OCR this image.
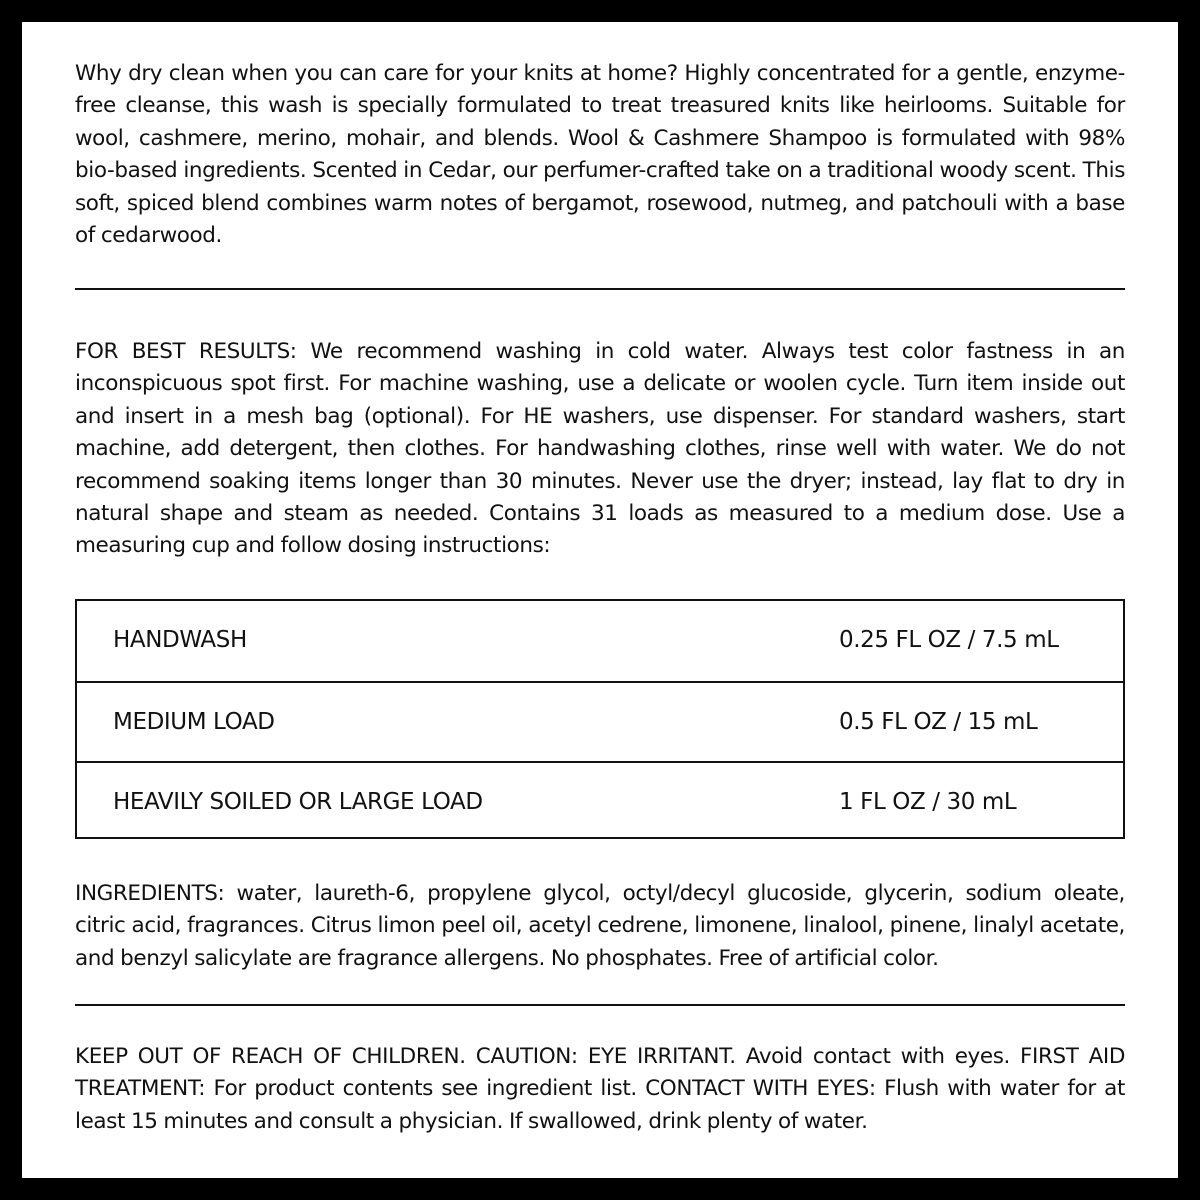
Why dry clean when you can care for your knits at home? Highly concentrated for a gentle, enzyme-free cleanse, this wash is specially formulated to treat treasured knits like heirlooms. Suitable for wool, cashmere, merino, mohair, and blends. Wool & Cashmere Shampoo is formulated with 98% bio-based ingredients. Scented in Cedar, our perfumer-crafted take on a traditional woody scent. This soft, spiced blend combines warm notes of bergamot, rosewood, nutmeg, and patchouli with a base of cedarwood.

FOR BEST RESULTS: We recommend washing in cold water. Always test color fastness in an inconspicuous spot first. For machine washing, use a delicate or woolen cycle. Turn item inside out and insert in a mesh bag (optional). For HE washers, use dispenser. For standard washers, start machine, add detergent, then clothes. For handwashing clothes, rinse well with water. We do not recommend soaking items longer than 30 minutes. Never use the dryer; instead, lay flat to dry in natural shape and steam as needed. Contains 31 loads as measured to a medium dose. Use a measuring cup and follow dosing instructions:

HANDWASH	0.25 FL OZ / 7.5 mL
MEDIUM LOAD	0.5 FL OZ / 15 mL
HEAVILY SOILED OR LARGE LOAD	1 FL OZ / 30 mL

INGREDIENTS: water, laureth-6, propylene glycol, octyl/decyl glucoside, glycerin, sodium oleate, citric acid, fragrances. Citrus limon peel oil, acetyl cedrene, limonene, linalool, pinene, linalyl acetate, and benzyl salicylate are fragrance allergens. No phosphates. Free of artificial color.

KEEP OUT OF REACH OF CHILDREN. CAUTION: EYE IRRITANT. Avoid contact with eyes. FIRST AID TREATMENT: For product contents see ingredient list. CONTACT WITH EYES: Flush with water for at least 15 minutes and consult a physician. If swallowed, drink plenty of water.
